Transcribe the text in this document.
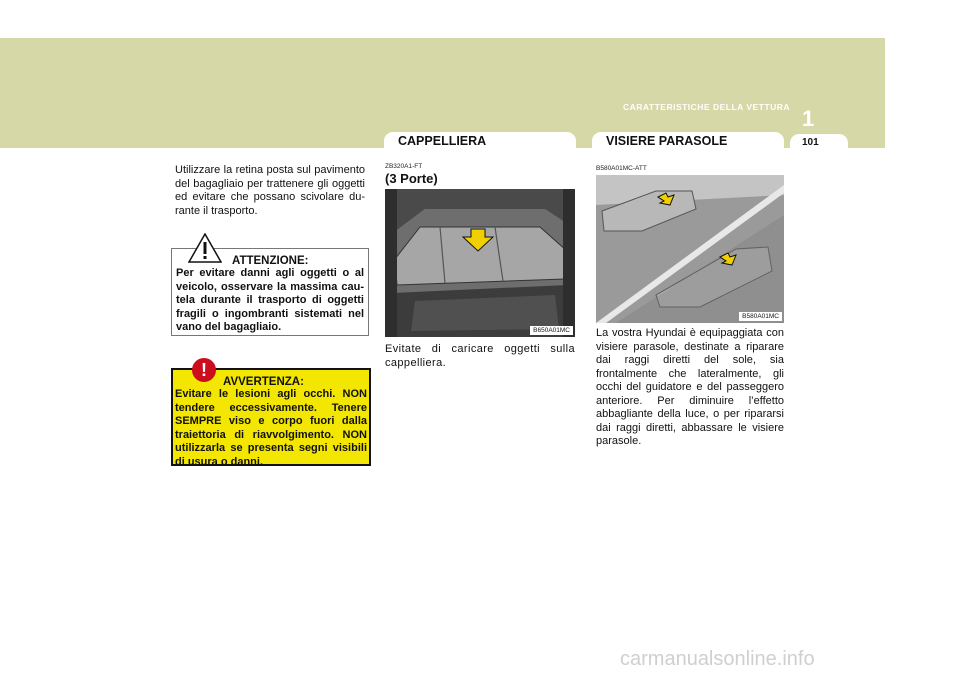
CARATTERISTICHE DELLA VETTURA 1
CAPPELLIERA	VISIERE PARASOLE	101

Utilizzare la retina posta sul pavimento del bagagliaio per trattenere gli oggetti ed evitare che possano scivolare du-rante il trasporto.

ATTENZIONE:
Per evitare danni agli oggetti o al veicolo, osservare la massima cau-tela durante il trasporto di oggetti fragili o ingombranti sistemati nel vano del bagagliaio.
!
AVVERTENZA:
Evitare le lesioni agli occhi. NON tendere eccessivamente. Tenere SEMPRE viso e corpo fuori dalla traiettoria di riavvolgimento. NON utilizzarla se presenta segni visibili di usura o danni.
ZB320A1-FT
(3 Porte)
B650A01MC

Evitate di caricare oggetti sulla cappelliera.

B580A01MC-ATT
B580A01MC

La vostra Hyundai è equipaggiata con visiere parasole, destinate a riparare dai raggi diretti del sole, sia frontalmente che lateralmente, gli occhi del guidatore e del passeggero anteriore. Per diminuire l’effetto abbagliante della luce, o per ripararsi dai raggi diretti, abbassare le visiere parasole.

carmanualsonline.info
